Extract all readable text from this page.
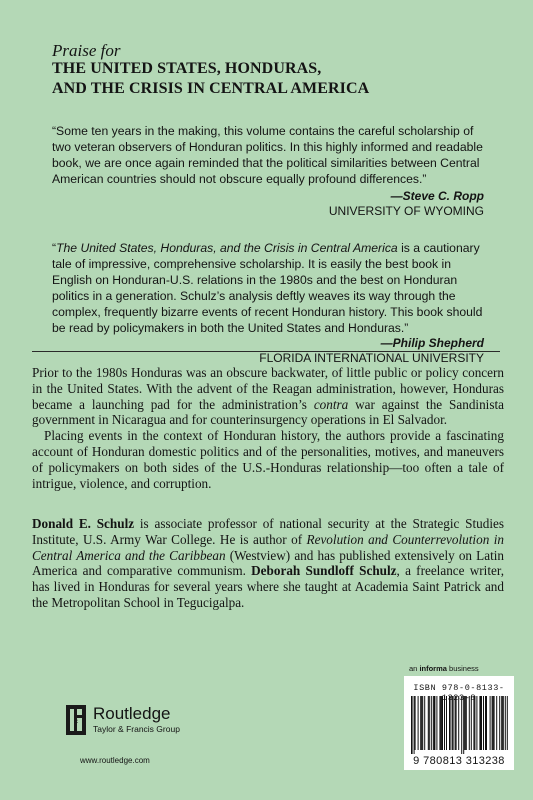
Praise for
THE UNITED STATES, HONDURAS,
AND THE CRISIS IN CENTRAL AMERICA
“Some ten years in the making, this volume contains the careful scholarship of two veteran observers of Honduran politics. In this highly informed and readable book, we are once again reminded that the political similarities between Central American countries should not obscure equally profound differences.”
—Steve C. Ropp
UNIVERSITY OF WYOMING
“The United States, Honduras, and the Crisis in Central America is a cautionary tale of impressive, comprehensive scholarship. It is easily the best book in English on Honduran-U.S. relations in the 1980s and the best on Honduran politics in a generation. Schulz’s analysis deftly weaves its way through the complex, frequently bizarre events of recent Honduran history. This book should be read by policymakers in both the United States and Honduras.”
—Philip Shepherd
FLORIDA INTERNATIONAL UNIVERSITY

Prior to the 1980s Honduras was an obscure backwater, of little public or policy concern in the United States. With the advent of the Reagan administration, however, Honduras became a launching pad for the administration’s contra war against the Sandinista government in Nicaragua and for counterinsurgency operations in El Salvador.

Placing events in the context of Honduran history, the authors provide a fascinating account of Honduran domestic politics and of the personalities, motives, and maneuvers of policymakers on both sides of the U.S.-Honduras relationship—too often a tale of intrigue, violence, and corruption.

Donald E. Schulz is associate professor of national security at the Strategic Studies Institute, U.S. Army War College. He is author of Revolution and Counterrevolution in Central America and the Caribbean (Westview) and has published extensively on Latin America and comparative communism. Deborah Sundloff Schulz, a freelance writer, has lived in Honduras for several years where she taught at Academia Saint Patrick and the Metropolitan School in Tegucigalpa.

an informa business
ISBN 978-0-8133- 3-8
9 780813 313238
R Routledge
Taylor & Francis Group
www.routledge.com
